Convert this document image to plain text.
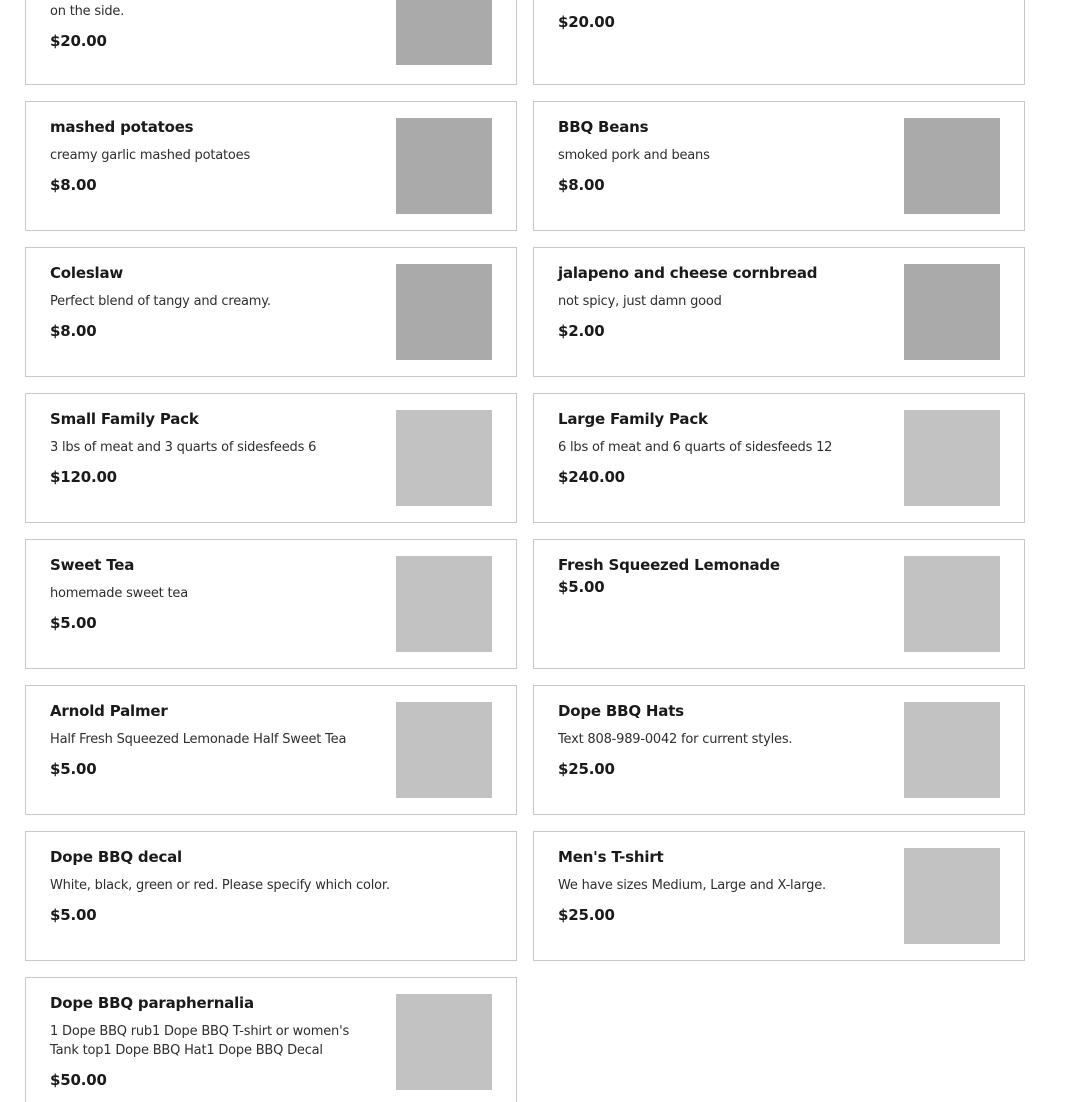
on the side.
$20.00
$20.00
mashed potatoes
creamy garlic mashed potatoes
$8.00
BBQ Beans
smoked pork and beans
$8.00
Coleslaw
Perfect blend of tangy and creamy.
$8.00
jalapeno and cheese cornbread
not spicy, just damn good
$2.00
Small Family Pack
3 lbs of meat and 3 quarts of sidesfeeds 6
$120.00
Large Family Pack
6 lbs of meat and 6 quarts of sidesfeeds 12
$240.00
Sweet Tea
homemade sweet tea
$5.00
Fresh Squeezed Lemonade
$5.00
Arnold Palmer
Half Fresh Squeezed Lemonade Half Sweet Tea
$5.00
Dope BBQ Hats
Text 808-989-0042 for current styles.
$25.00
Dope BBQ decal
White, black, green or red. Please specify which color.
$5.00
Men's T-shirt
We have sizes Medium, Large and X-large.
$25.00
Dope BBQ paraphernalia
1 Dope BBQ rub1 Dope BBQ T-shirt or women's Tank top1 Dope BBQ Hat1 Dope BBQ Decal
$50.00
